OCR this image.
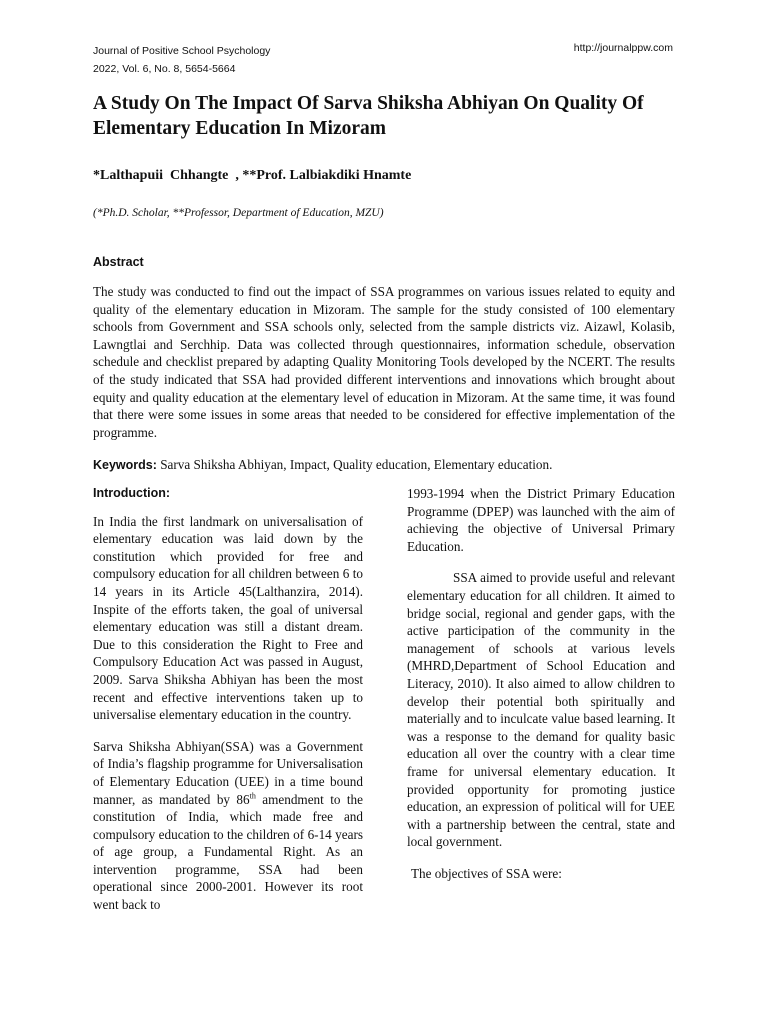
Journal of Positive School Psychology
2022, Vol. 6, No. 8, 5654-5664
http://journalppw.com
A Study On The Impact Of Sarva Shiksha Abhiyan On Quality Of Elementary Education In Mizoram
*Lalthapuii  Chhangte  , **Prof. Lalbiakdiki Hnamte
(*Ph.D. Scholar, **Professor, Department of Education, MZU)
Abstract
The study was conducted to find out the impact of SSA programmes on various issues related to equity and quality of the elementary education in Mizoram. The sample for the study consisted of 100 elementary schools from Government and SSA schools only, selected from the sample districts viz. Aizawl, Kolasib, Lawngtlai and Serchhip. Data was collected through questionnaires, information schedule, observation schedule and checklist prepared by adapting Quality Monitoring Tools developed by the NCERT. The results of the study indicated that SSA had provided different interventions and innovations which brought about equity and quality education at the elementary level of education in Mizoram. At the same time, it was found that there were some issues in some areas that needed to be considered for effective implementation of the programme.
Keywords: Sarva Shiksha Abhiyan, Impact, Quality education, Elementary education.
Introduction:

In India the first landmark on universalisation of elementary education was laid down by the constitution which provided for free and compulsory education for all children between 6 to 14 years in its Article 45(Lalthanzira, 2014). Inspite of the efforts taken, the goal of universal elementary education was still a distant dream. Due to this consideration the Right to Free and Compulsory Education Act was passed in August, 2009. Sarva Shiksha Abhiyan has been the most recent and effective interventions taken up to universalise elementary education in the country.

Sarva Shiksha Abhiyan(SSA) was a Government of India’s flagship programme for Universalisation of Elementary Education (UEE) in a time bound manner, as mandated by 86th amendment to the constitution of India, which made free and compulsory education to the children of 6-14 years of age group, a Fundamental Right. As an intervention programme, SSA had been operational since 2000-2001. However its root went back to

1993-1994 when the District Primary Education Programme (DPEP) was launched with the aim of achieving the objective of Universal Primary Education.

SSA aimed to provide useful and relevant elementary education for all children. It aimed to bridge social, regional and gender gaps, with the active participation of the community in the management of schools at various levels (MHRD,Department of School Education and Literacy, 2010). It also aimed to allow children to develop their potential both spiritually and materially and to inculcate value based learning. It was a response to the demand for quality basic education all over the country with a clear time frame for universal elementary education. It provided opportunity for promoting justice education, an expression of political will for UEE with a partnership between the central, state and local government.

The objectives of SSA were:
